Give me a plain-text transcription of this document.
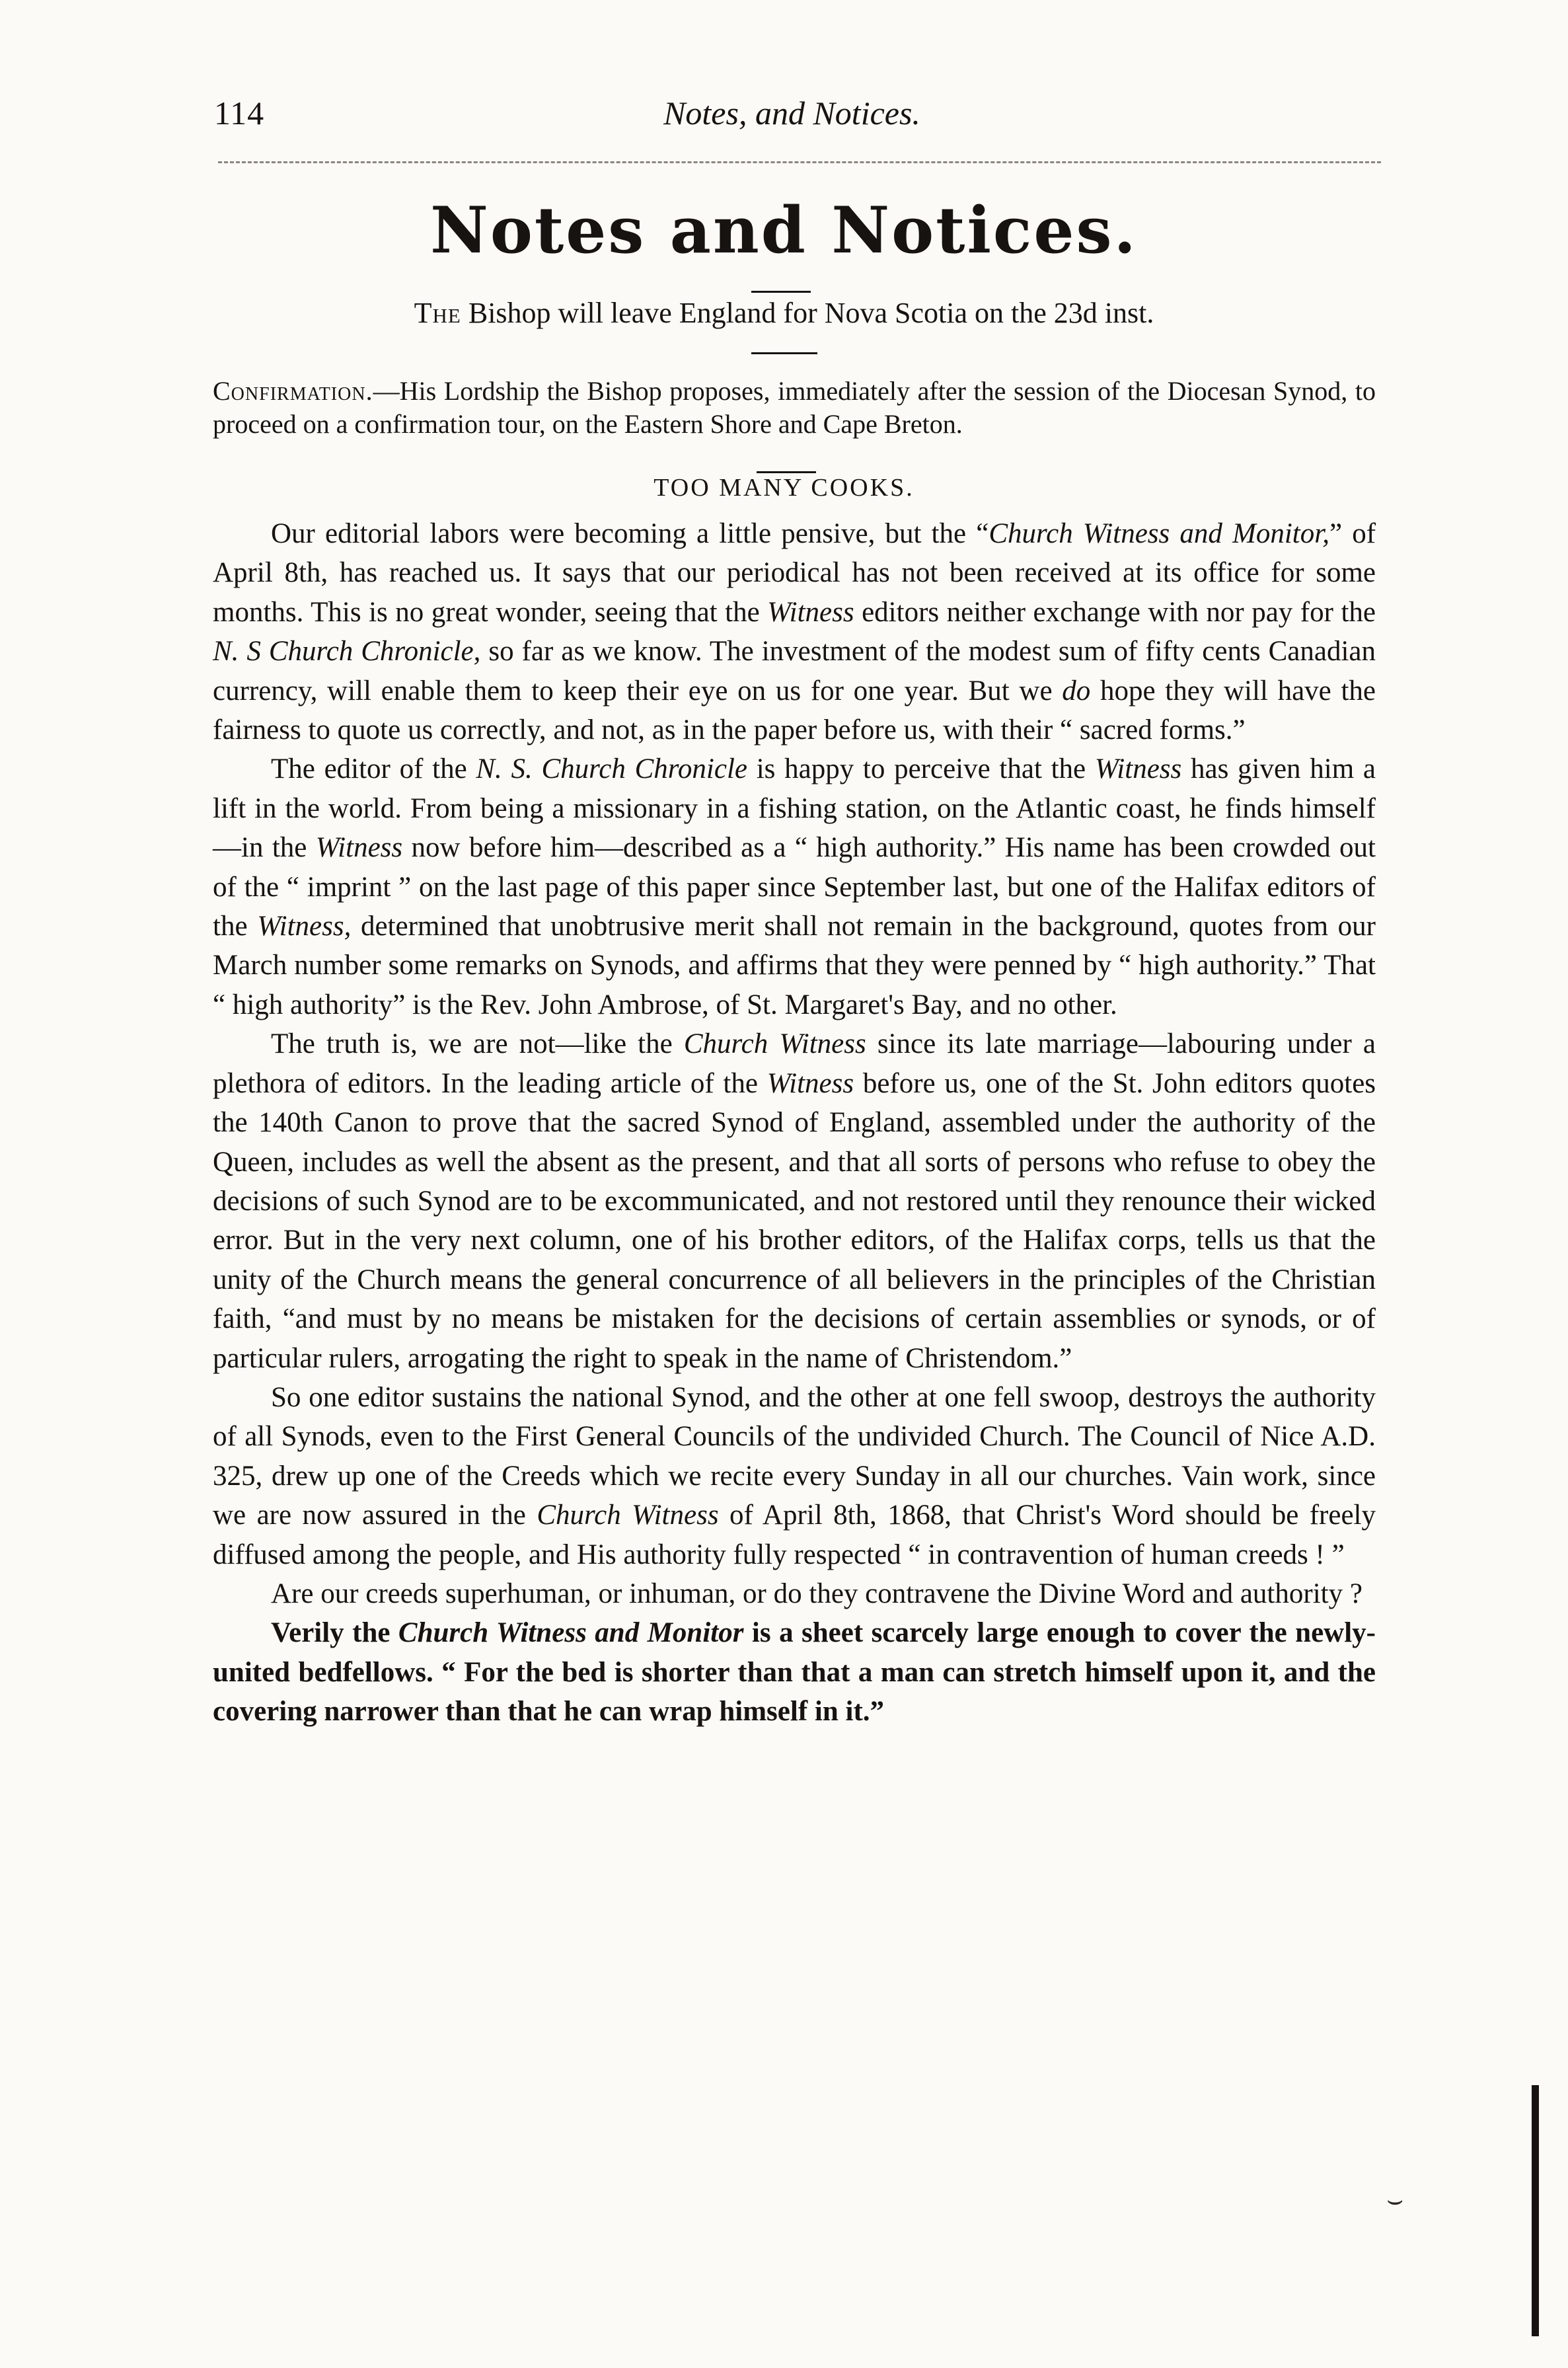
114	Notes, and Notices.
Notes and Notices.
The Bishop will leave England for Nova Scotia on the 23d inst.
Confirmation.—His Lordship the Bishop proposes, immediately after the session of the Diocesan Synod, to proceed on a confirmation tour, on the Eastern Shore and Cape Breton.
TOO MANY COOKS.

Our editorial labors were becoming a little pensive, but the “Church Witness and Monitor,” of April 8th, has reached us. It says that our periodical has not been received at its office for some months. This is no great wonder, seeing that the Witness editors neither exchange with nor pay for the N. S Church Chronicle, so far as we know. The investment of the modest sum of fifty cents Canadian currency, will enable them to keep their eye on us for one year. But we do hope they will have the fairness to quote us correctly, and not, as in the paper before us, with their “ sacred forms.”

The editor of the N. S. Church Chronicle is happy to perceive that the Witness has given him a lift in the world. From being a missionary in a fishing station, on the Atlantic coast, he finds himself—in the Witness now before him—described as a “ high authority.” His name has been crowded out of the “ imprint ” on the last page of this paper since September last, but one of the Halifax editors of the Witness, determined that unobtrusive merit shall not remain in the background, quotes from our March number some remarks on Synods, and affirms that they were penned by “ high authority.” That “ high authority” is the Rev. John Ambrose, of St. Margaret's Bay, and no other.

The truth is, we are not—like the Church Witness since its late marriage—labouring under a plethora of editors. In the leading article of the Witness before us, one of the St. John editors quotes the 140th Canon to prove that the sacred Synod of England, assembled under the authority of the Queen, includes as well the absent as the present, and that all sorts of persons who refuse to obey the decisions of such Synod are to be excommunicated, and not restored until they renounce their wicked error. But in the very next column, one of his brother editors, of the Halifax corps, tells us that the unity of the Church means the general concurrence of all believers in the principles of the Christian faith, “and must by no means be mistaken for the decisions of certain assemblies or synods, or of particular rulers, arrogating the right to speak in the name of Christendom.”

So one editor sustains the national Synod, and the other at one fell swoop, destroys the authority of all Synods, even to the First General Councils of the undivided Church. The Council of Nice A.D. 325, drew up one of the Creeds which we recite every Sunday in all our churches. Vain work, since we are now assured in the Church Witness of April 8th, 1868, that Christ's Word should be freely diffused among the people, and His authority fully respected “ in contravention of human creeds ! ”

Are our creeds superhuman, or inhuman, or do they contravene the Divine Word and authority ?

Verily the Church Witness and Monitor is a sheet scarcely large enough to cover the newly-united bedfellows. “ For the bed is shorter than that a man can stretch himself upon it, and the covering narrower than that he can wrap himself in it.”

⌣
